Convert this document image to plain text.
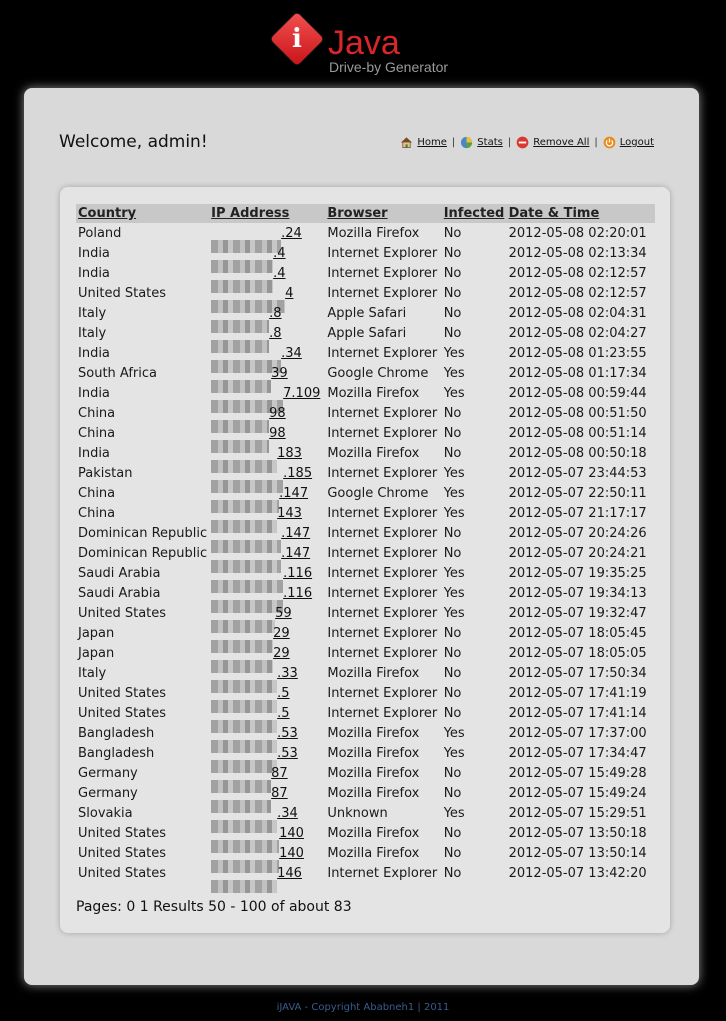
i Java
Drive-by Generator
Welcome, admin!	Home | Stats | Remove All | Logout
Country	IP Address	Browser	Infected	Date & Time
Poland	.24	Mozilla Firefox	No	2012-05-08 02:20:01
India	.4	Internet Explorer	No	2012-05-08 02:13:34
India	.4	Internet Explorer	No	2012-05-08 02:12:57
United States	4	Internet Explorer	No	2012-05-08 02:12:57
Italy	.8	Apple Safari	No	2012-05-08 02:04:31
Italy	.8	Apple Safari	No	2012-05-08 02:04:27
India	.34	Internet Explorer	Yes	2012-05-08 01:23:55
South Africa	39	Google Chrome	Yes	2012-05-08 01:17:34
India	7.109	Mozilla Firefox	Yes	2012-05-08 00:59:44
China	98	Internet Explorer	No	2012-05-08 00:51:50
China	98	Internet Explorer	No	2012-05-08 00:51:14
India	183	Mozilla Firefox	No	2012-05-08 00:50:18
Pakistan	.185	Internet Explorer	Yes	2012-05-07 23:44:53
China	.147	Google Chrome	Yes	2012-05-07 22:50:11
China	143	Internet Explorer	Yes	2012-05-07 21:17:17
Dominican Republic	.147	Internet Explorer	No	2012-05-07 20:24:26
Dominican Republic	.147	Internet Explorer	No	2012-05-07 20:24:21
Saudi Arabia	.116	Internet Explorer	Yes	2012-05-07 19:35:25
Saudi Arabia	.116	Internet Explorer	Yes	2012-05-07 19:34:13
United States	59	Internet Explorer	Yes	2012-05-07 19:32:47
Japan	29	Internet Explorer	No	2012-05-07 18:05:45
Japan	29	Internet Explorer	No	2012-05-07 18:05:05
Italy	.33	Mozilla Firefox	No	2012-05-07 17:50:34
United States	.5	Internet Explorer	No	2012-05-07 17:41:19
United States	.5	Internet Explorer	No	2012-05-07 17:41:14
Bangladesh	.53	Mozilla Firefox	Yes	2012-05-07 17:37:00
Bangladesh	.53	Mozilla Firefox	Yes	2012-05-07 17:34:47
Germany	87	Mozilla Firefox	No	2012-05-07 15:49:28
Germany	87	Mozilla Firefox	No	2012-05-07 15:49:24
Slovakia	.34	Unknown	Yes	2012-05-07 15:29:51
United States	140	Mozilla Firefox	No	2012-05-07 13:50:18
United States	140	Mozilla Firefox	No	2012-05-07 13:50:14
United States	146	Internet Explorer	No	2012-05-07 13:42:20
Pages: 0 1 Results 50 - 100 of about 83
iJAVA - Copyright Ababneh1 | 2011
